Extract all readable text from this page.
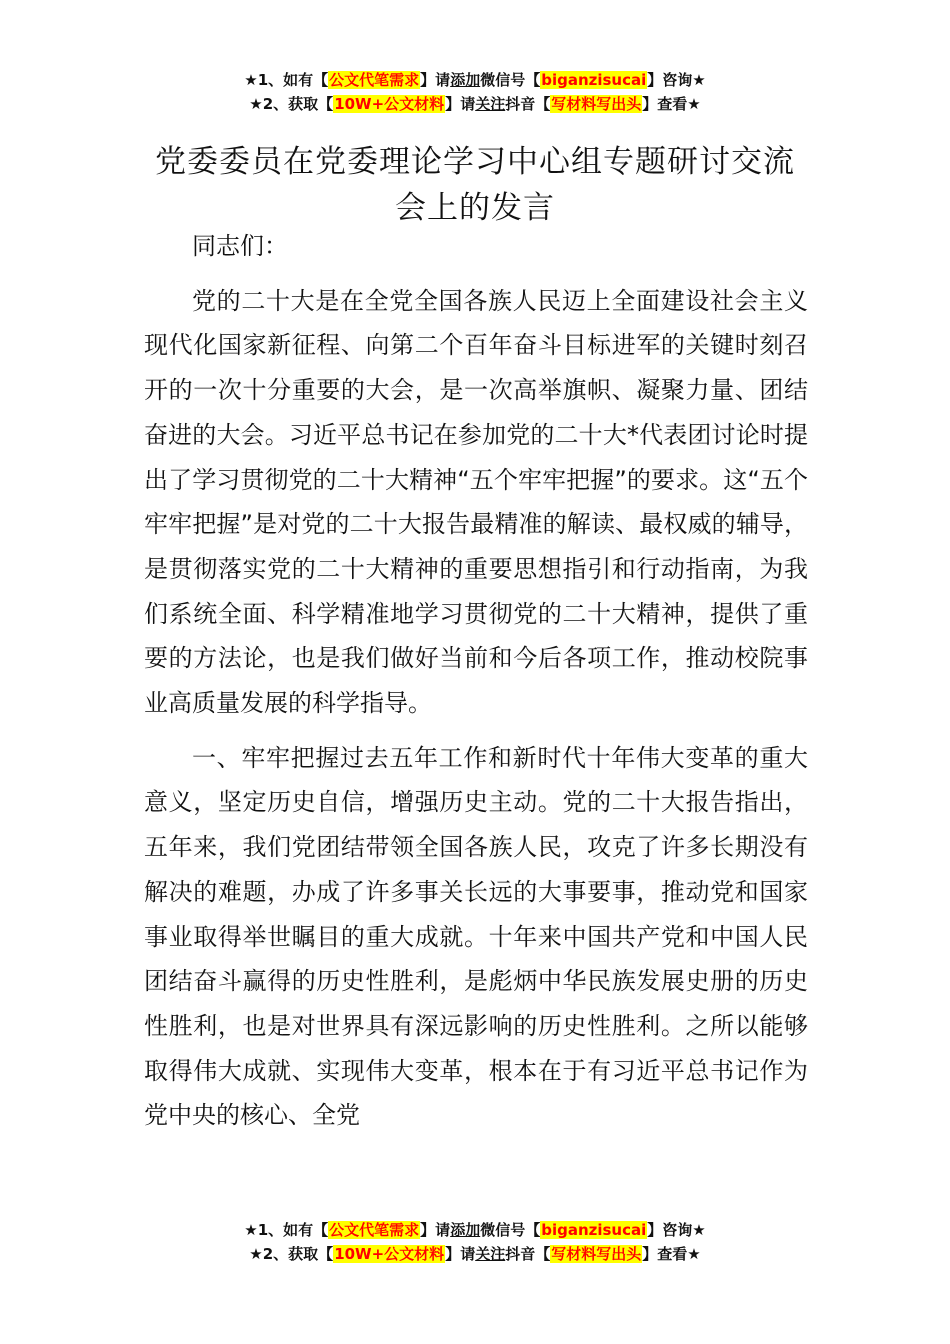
★1、如有【公文代笔需求】请添加微信号【biganzisucai】咨询★
★2、获取【10W+公文材料】请关注抖音【写材料写出头】查看★
党委委员在党委理论学习中心组专题研讨交流会上的发言

同志们：

党的二十大是在全党全国各族人民迈上全面建设社会主义现代化国家新征程、向第二个百年奋斗目标进军的关键时刻召开的一次十分重要的大会，是一次高举旗帜、凝聚力量、团结奋进的大会。习近平总书记在参加党的二十大*代表团讨论时提出了学习贯彻党的二十大精神“五个牢牢把握”的要求。这“五个牢牢把握”是对党的二十大报告最精准的解读、最权威的辅导，是贯彻落实党的二十大精神的重要思想指引和行动指南，为我们系统全面、科学精准地学习贯彻党的二十大精神，提供了重要的方法论，也是我们做好当前和今后各项工作，推动校院事业高质量发展的科学指导。

一、牢牢把握过去五年工作和新时代十年伟大变革的重大意义，坚定历史自信，增强历史主动。党的二十大报告指出，五年来，我们党团结带领全国各族人民，攻克了许多长期没有解决的难题，办成了许多事关长远的大事要事，推动党和国家事业取得举世瞩目的重大成就。十年来中国共产党和中国人民团结奋斗赢得的历史性胜利，是彪炳中华民族发展史册的历史性胜利，也是对世界具有深远影响的历史性胜利。之所以能够取得伟大成就、实现伟大变革，根本在于有习近平总书记作为党中央的核心、全党

★1、如有【公文代笔需求】请添加微信号【biganzisucai】咨询★
★2、获取【10W+公文材料】请关注抖音【写材料写出头】查看★
